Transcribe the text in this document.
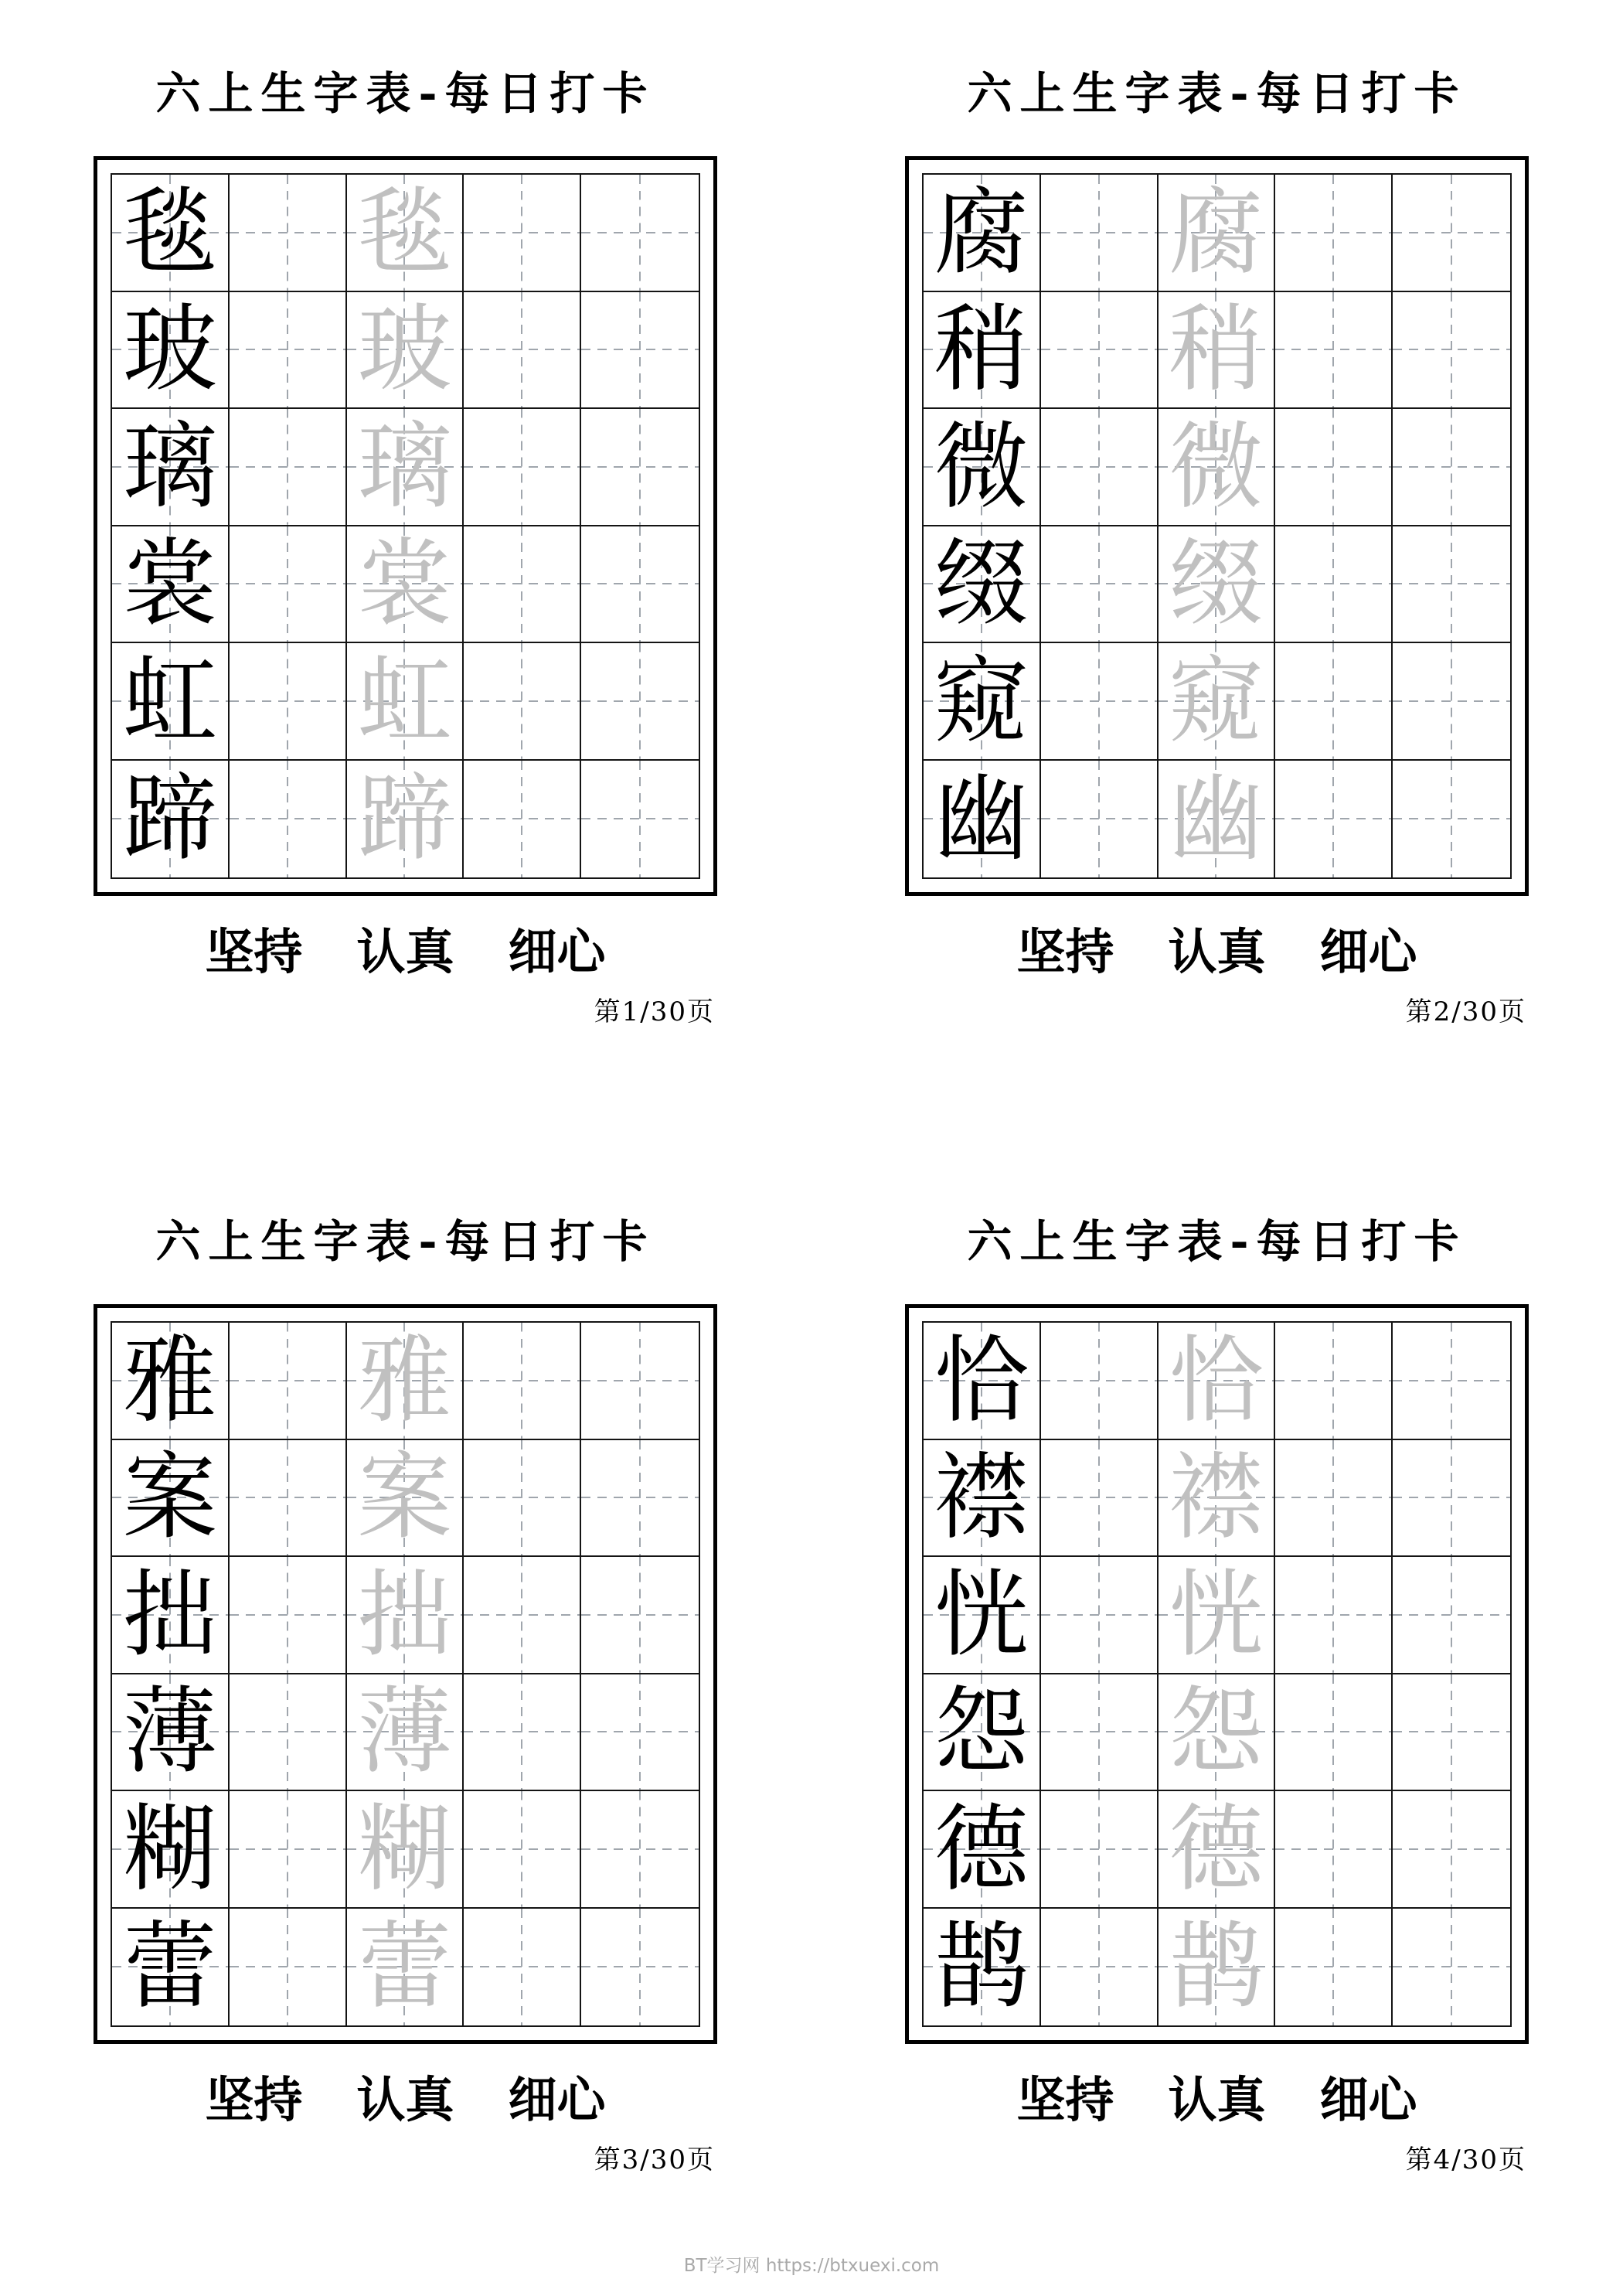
六上生字表-每日打卡
毯 毯
玻 玻
璃 璃
裳 裳
虹 虹
蹄 蹄
坚持 认真 细心
第1/30页
六上生字表-每日打卡
腐 腐
稍 稍
微 微
缀 缀
窥 窥
幽 幽
坚持 认真 细心
第2/30页
六上生字表-每日打卡
雅 雅
案 案
拙 拙
薄 薄
糊 糊
蕾 蕾
坚持 认真 细心
第3/30页
六上生字表-每日打卡
恰 恰
襟 襟
恍 恍
怨 怨
德 德
鹊 鹊
坚持 认真 细心
第4/30页
BT学习网 https://btxuexi.com
